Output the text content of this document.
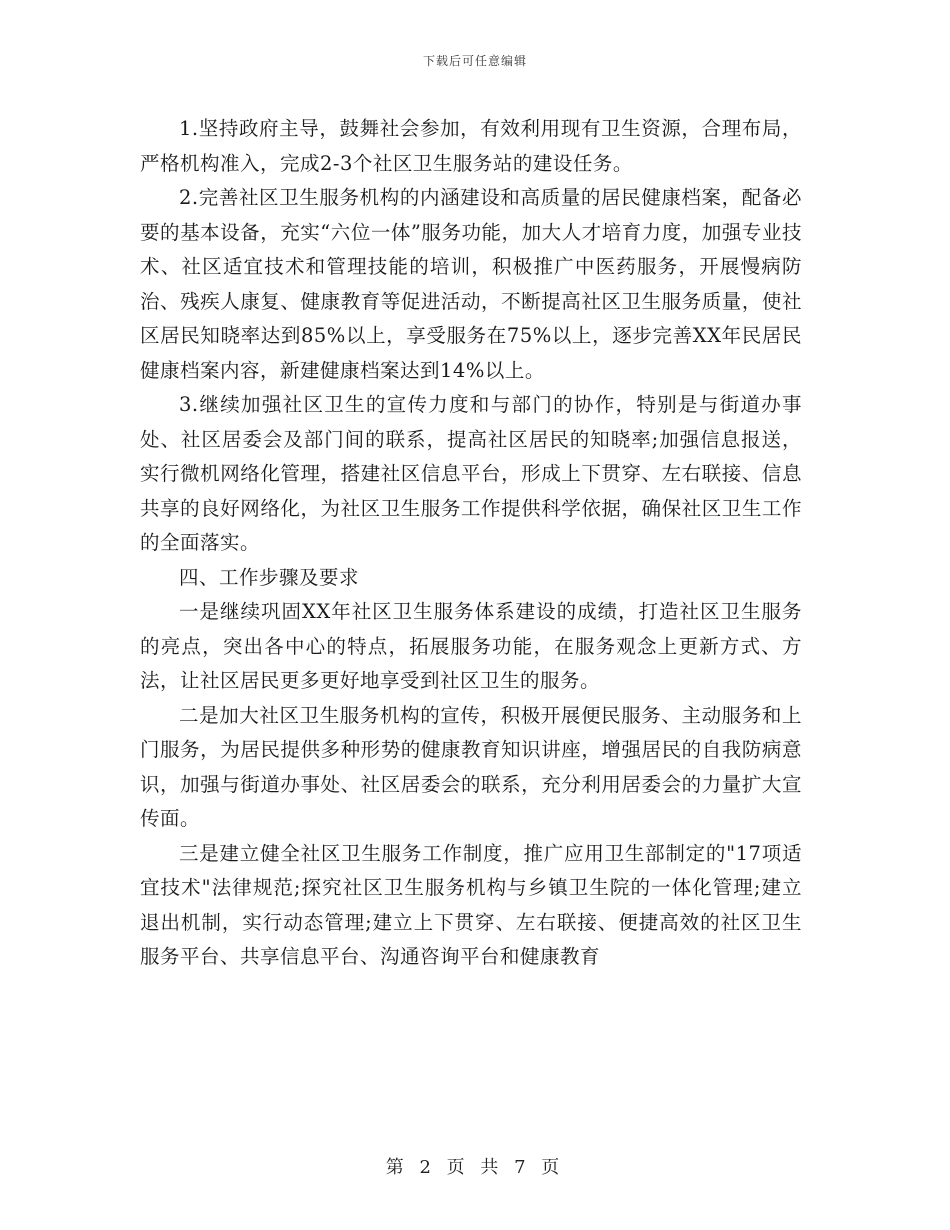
下载后可任意编辑

1.坚持政府主导，鼓舞社会参加，有效利用现有卫生资源，合理布局，严格机构准入，完成2-3个社区卫生服务站的建设任务。

2.完善社区卫生服务机构的内涵建设和高质量的居民健康档案，配备必要的基本设备，充实“六位一体”服务功能，加大人才培育力度，加强专业技术、社区适宜技术和管理技能的培训，积极推广中医药服务，开展慢病防治、残疾人康复、健康教育等促进活动，不断提高社区卫生服务质量，使社区居民知晓率达到85%以上，享受服务在75%以上，逐步完善XX年民居民健康档案内容，新建健康档案达到14%以上。

3.继续加强社区卫生的宣传力度和与部门的协作，特别是与街道办事处、社区居委会及部门间的联系，提高社区居民的知晓率;加强信息报送，实行微机网络化管理，搭建社区信息平台，形成上下贯穿、左右联接、信息共享的良好网络化，为社区卫生服务工作提供科学依据，确保社区卫生工作的全面落实。

四、工作步骤及要求

一是继续巩固XX年社区卫生服务体系建设的成绩，打造社区卫生服务的亮点，突出各中心的特点，拓展服务功能，在服务观念上更新方式、方法，让社区居民更多更好地享受到社区卫生的服务。

二是加大社区卫生服务机构的宣传，积极开展便民服务、主动服务和上门服务，为居民提供多种形势的健康教育知识讲座，增强居民的自我防病意识，加强与街道办事处、社区居委会的联系，充分利用居委会的力量扩大宣传面。

三是建立健全社区卫生服务工作制度，推广应用卫生部制定的"17项适宜技术"法律规范;探究社区卫生服务机构与乡镇卫生院的一体化管理;建立退出机制，实行动态管理;建立上下贯穿、左右联接、便捷高效的社区卫生服务平台、共享信息平台、沟通咨询平台和健康教育

第 2 页 共 7 页
